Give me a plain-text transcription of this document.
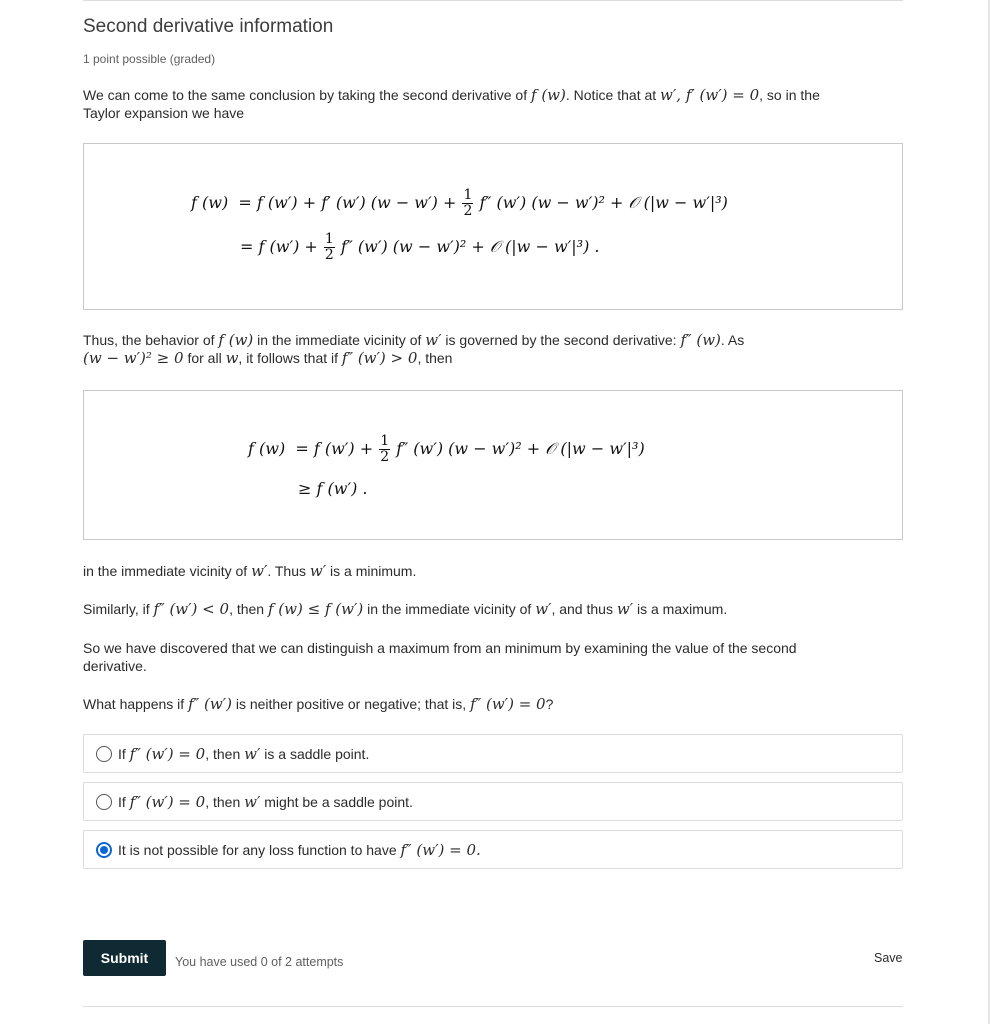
Second derivative information
1 point possible (graded)
We can come to the same conclusion by taking the second derivative of f (w). Notice that at w′, f′ (w′) = 0, so in the
Taylor expansion we have
f (w) = f (w′) + f′ (w′) $(w - w') + \frac{1}{2} f''$ (w′) (w − w′)² + 𝒪 (|w − w′|³)
= f $(w') + \frac{1}{2} f''$ (w′) (w − w′)² + 𝒪 (|w − w′|³) .
Thus, the behavior of f (w) in the immediate vicinity of w′ is governed by the second derivative: f″ (w). As
(w − w′)² ≥ 0 for all w, it follows that if f″ (w′) > 0, then
f (w) = f $(w') + \frac{1}{2} f''$ (w′) (w − w′)² + 𝒪 (|w − w′|³)
≥ f (w′) .
in the immediate vicinity of w′. Thus w′ is a minimum.
Similarly, if f″ (w′) < 0, then f (w) ≤ f (w′) in the immediate vicinity of w′, and thus w′ is a maximum.
So we have discovered that we can distinguish a maximum from an minimum by examining the value of the second derivative.
What happens if f″ (w′) is neither positive or negative; that is, f″ (w′) = 0?
If f″ (w′) = 0, then w′ is a saddle point.
If f″ (w′) = 0, then w′ might be a saddle point.
It is not possible for any loss function to have f″ (w′) = 0.
Submit	You have used 0 of 2 attempts	Save
